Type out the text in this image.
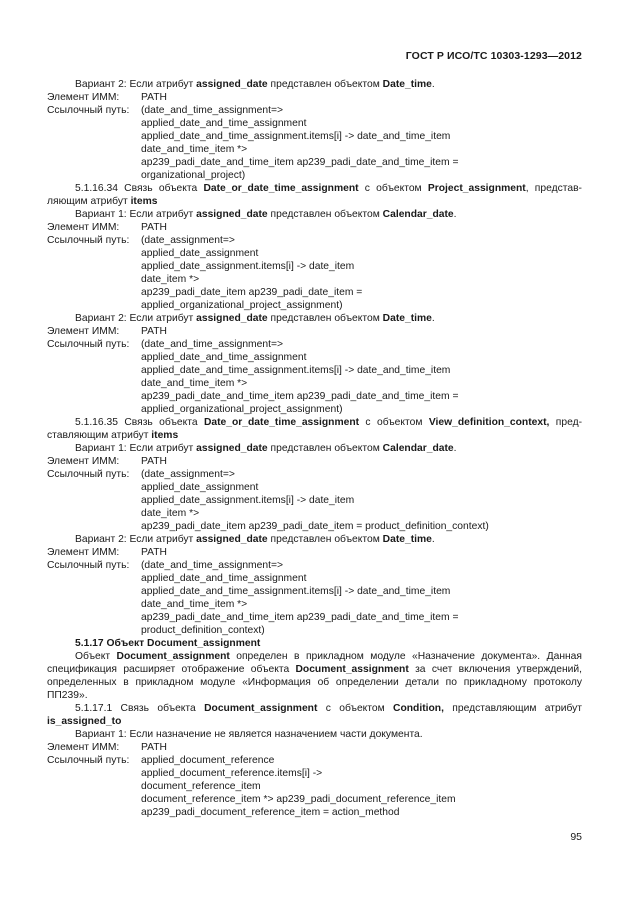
ГОСТ Р ИСО/ТС 10303-1293—2012
Вариант 2: Если атрибут assigned_date представлен объектом Date_time.
Элемент ИММ: PATH
Ссылочный путь: (date_and_time_assignment=>
applied_date_and_time_assignment
applied_date_and_time_assignment.items[i] -> date_and_time_item
date_and_time_item *>
ap239_padi_date_and_time_item ap239_padi_date_and_time_item =
organizational_project)
5.1.16.34 Связь объекта Date_or_date_time_assignment с объектом Project_assignment, представ-
ляющим атрибут items
Вариант 1: Если атрибут assigned_date представлен объектом Calendar_date.
Элемент ИММ: PATH
Ссылочный путь: (date_assignment=>
applied_date_assignment
applied_date_assignment.items[i] -> date_item
date_item *>
ap239_padi_date_item ap239_padi_date_item =
applied_organizational_project_assignment)
Вариант 2: Если атрибут assigned_date представлен объектом Date_time.
Элемент ИММ: PATH
Ссылочный путь: (date_and_time_assignment=>
applied_date_and_time_assignment
applied_date_and_time_assignment.items[i] -> date_and_time_item
date_and_time_item *>
ap239_padi_date_and_time_item ap239_padi_date_and_time_item =
applied_organizational_project_assignment)
5.1.16.35 Связь объекта Date_or_date_time_assignment с объектом View_definition_context, пред-
ставляющим атрибут items
Вариант 1: Если атрибут assigned_date представлен объектом Calendar_date.
Элемент ИММ: PATH
Ссылочный путь: (date_assignment=>
applied_date_assignment
applied_date_assignment.items[i] -> date_item
date_item *>
ap239_padi_date_item ap239_padi_date_item = product_definition_context)
Вариант 2: Если атрибут assigned_date представлен объектом Date_time.
Элемент ИММ: PATH
Ссылочный путь: (date_and_time_assignment=>
applied_date_and_time_assignment
applied_date_and_time_assignment.items[i] -> date_and_time_item
date_and_time_item *>
ap239_padi_date_and_time_item ap239_padi_date_and_time_item =
product_definition_context)
5.1.17 Объект Document_assignment
Объект Document_assignment определен в прикладном модуле «Назначение документа». Данная
спецификация расширяет отображение объекта Document_assignment за счет включения утверждений,
определенных в прикладном модуле «Информация об определении детали по прикладному протоколу
ПП239».
5.1.17.1 Связь объекта Document_assignment с объектом Condition, представляющим атрибут
is_assigned_to
Вариант 1: Если назначение не является назначением части документа.
Элемент ИММ: PATH
Ссылочный путь: applied_document_reference
applied_document_reference.items[i] ->
document_reference_item
document_reference_item *> ap239_padi_document_reference_item
ap239_padi_document_reference_item = action_method
95
